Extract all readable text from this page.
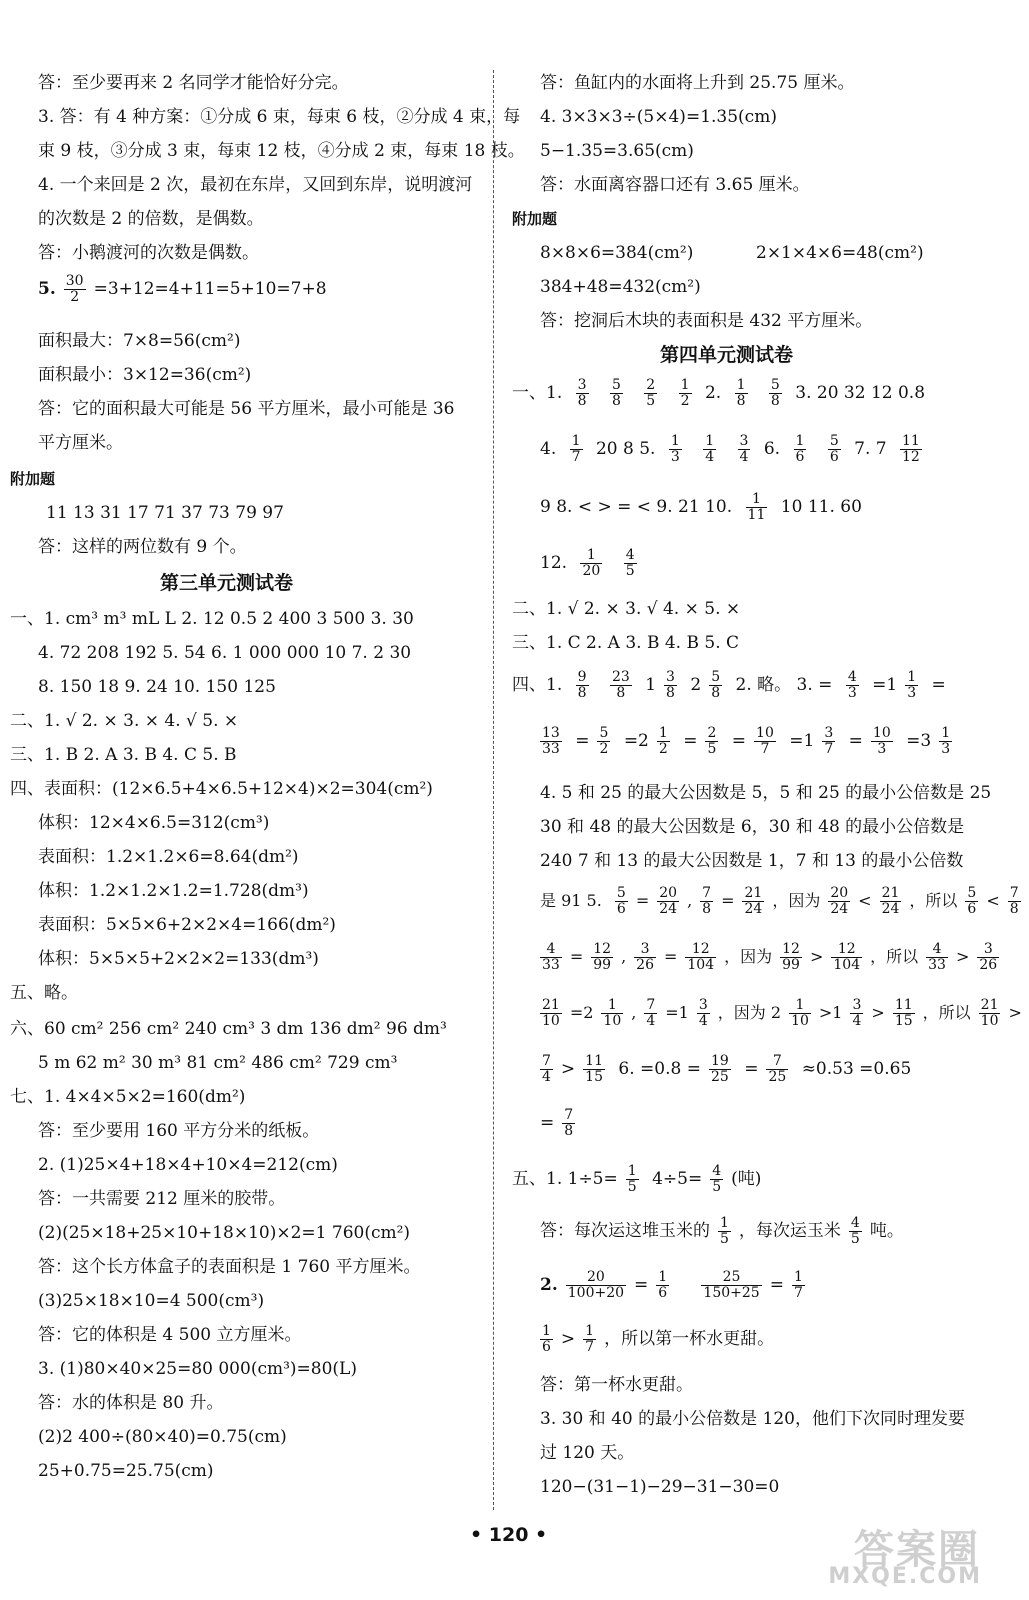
答：至少要再来 2 名同学才能恰好分完。
3. 答：有 4 种方案：①分成 6 束，每束 6 枝，②分成 4 束，每
束 9 枝，③分成 3 束，每束 12 枝，④分成 2 束，每束 18 枝。
4. 一个来回是 2 次，最初在东岸，又回到东岸，说明渡河
的次数是 2 的倍数，是偶数。
答：小鹅渡河的次数是偶数。
5. $\frac{30}{2} =3+12=4+11=5+10=7+8$
面积最大：7×8=56(cm²)
面积最小：3×12=36(cm²)
答：它的面积最大可能是 56 平方厘米，最小可能是 36
平方厘米。
附加题
11 13 31 17 71 37 73 79 97
答：这样的两位数有 9 个。
第三单元测试卷
一、1. cm³ m³ mL L 2. 12 0.5 2 400 3 500 3. 30
4. 72 208 192 5. 54 6. 1 000 000 10 7. 2 30
8. 150 18 9. 24 10. 150 125
二、1. √ 2. × 3. × 4. √ 5. ×
三、1. B 2. A 3. B 4. C 5. B
四、表面积：(12×6.5+4×6.5+12×4)×2=304(cm²)
体积：12×4×6.5=312(cm³)
表面积：1.2×1.2×6=8.64(dm²)
体积：1.2×1.2×1.2=1.728(dm³)
表面积：5×5×6+2×2×4=166(dm²)
体积：5×5×5+2×2×2=133(dm³)
五、略。
六、60 cm² 256 cm² 240 cm³ 3 dm 136 dm² 96 dm³
5 m 62 m² 30 m³ 81 cm² 486 cm² 729 cm³
七、1. 4×4×5×2=160(dm²)
答：至少要用 160 平方分米的纸板。
2. (1)25×4+18×4+10×4=212(cm)
答：一共需要 212 厘米的胶带。
(2)(25×18+25×10+18×10)×2=1 760(cm²)
答：这个长方体盒子的表面积是 1 760 平方厘米。
(3)25×18×10=4 500(cm³)
答：它的体积是 4 500 立方厘米。
3. (1)80×40×25=80 000(cm³)=80(L)
答：水的体积是 80 升。
(2)2 400÷(80×40)=0.75(cm)
25+0.75=25.75(cm)
答：鱼缸内的水面将上升到 25.75 厘米。
4. 3×3×3÷(5×4)=1.35(cm)
5−1.35=3.65(cm)
答：水面离容器口还有 3.65 厘米。
附加题
8×8×6=384(cm²)	2×1×4×6=48(cm²)
384+48=432(cm²)
答：挖洞后木块的表面积是 432 平方厘米。
第四单元测试卷
一、1. $\frac{3}{8}$
$\frac{5}{8}$
$\frac{2}{5}$
$\frac{1}{2} 2$. $\frac{1}{8}$
$\frac{5}{8} 3$. 20 32 12 0.8
4. $\frac{1}{7} 20$ 8 5. $\frac{1}{3}$
$\frac{1}{4}$
$\frac{3}{4} 6$. $\frac{1}{6}$
$\frac{5}{6} 7$. $7 \frac{11}{12}$
9 8. < > = < 9. 21 10. $\frac{1}{11} 10$ 11. 60
12. $\frac{1}{20}$
$\frac{4}{5}$
二、1. √ 2. × 3. √ 4. × 5. ×
三、1. C 2. A 3. B 4. B 5. C
四、1. $\frac{9}{8}$
$\frac{23}{8} 1 \frac{3}{8} 2 \frac{5}{8} 2$. 略。 3. = $\frac{4}{3} =1 \frac{1}{3}$ =
$\frac{13}{33} = \frac{5}{2} =2 \frac{1}{2} = \frac{2}{5} = \frac{10}{7} =1 \frac{3}{7} = \frac{10}{3} =3 \frac{1}{3}$
4. 5 和 25 的最大公因数是 5，5 和 25 的最小公倍数是 25
30 和 48 的最大公因数是 6，30 和 48 的最小公倍数是
240 7 和 13 的最大公因数是 1，7 和 13 的最小公倍数
是 91 5. $\frac{5}{6} = \frac{20}{24}$ , $\frac{7}{8} = \frac{21}{24}$ ，因为 $\frac{20}{24} < \frac{21}{24}$ ，所以 $\frac{5}{6} < \frac{7}{8}$
$\frac{4}{33} = \frac{12}{99}$ , $\frac{3}{26} = \frac{12}{104}$ ，因为 $\frac{12}{99} > \frac{12}{104}$ ，所以 $\frac{4}{33} > \frac{3}{26}$
$\frac{21}{10} =2 \frac{1}{10}$ , $\frac{7}{4} =1 \frac{3}{4}$ ，因为 $2 \frac{1}{10} >1 \frac{3}{4} > \frac{11}{15}$ ，所以 $\frac{21}{10}$ >
$\frac{7}{4} > \frac{11}{15} 6$. $=0.8 = \frac{19}{25} = \frac{7}{25} \approx 0.53 =0.65$
= $\frac{7}{8}$
五、1. $1\div 5= \frac{1}{5} 4\div 5= \frac{4}{5}$ (吨)
答：每次运这堆玉米的 $\frac{1}{5}$ ，每次运玉米 $\frac{4}{5}$ 吨。
2. $\frac{20}{100+20} = \frac{1}{6}$
$\frac{25}{150+25} = \frac{1}{7}$
$\frac{1}{6} > \frac{1}{7}$ ，所以第一杯水更甜。
答：第一杯水更甜。
3. 30 和 40 的最小公倍数是 120，他们下次同时理发要
过 120 天。
120−(31−1)−29−31−30=0
• 120 •	答案圈
MXQE.COM
